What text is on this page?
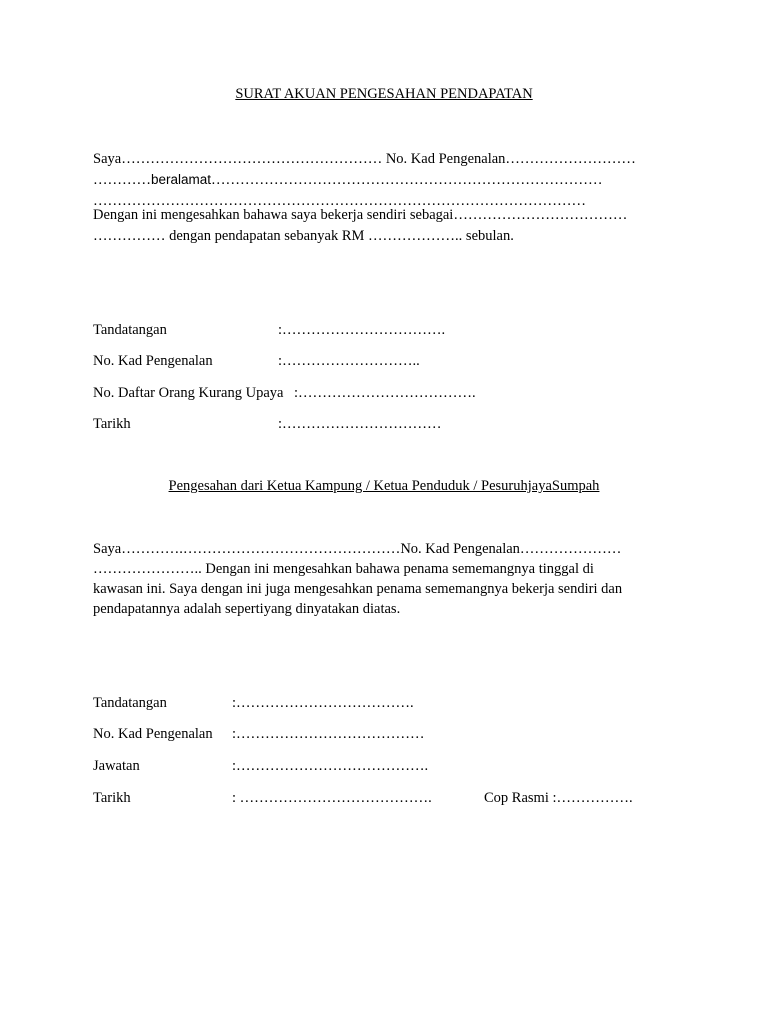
SURAT AKUAN PENGESAHAN PENDAPATAN
Saya……………………………………………… No. Kad Pengenalan………………………
…………beralamat………………………………………………………………………
…………………………………………………………………………………………
Dengan ini mengesahkan bahawa saya bekerja sendiri sebagai………………………………
…………… dengan pendapatan sebanyak RM ……………….. sebulan.
Tandatangan	:…………………………….
No. Kad Pengenalan	:………………………..
No. Daftar Orang Kurang Upaya :……………………………….
Tarikh	:……………………………
Pengesahan dari Ketua Kampung / Ketua Penduduk / PesuruhjayaSumpah
Saya………….………………………………………No. Kad Pengenalan…………………
………………….. Dengan ini mengesahkan bahawa penama sememangnya tinggal di
kawasan ini. Saya dengan ini juga mengesahkan penama sememangnya bekerja sendiri dan
pendapatannya adalah sepertiyang dinyatakan diatas.
Tandatangan	:……………………………….
No. Kad Pengenalan :…………………………………
Jawatan	:………………………………….
Tarikh	: ………………………………….	Cop Rasmi :…………….
